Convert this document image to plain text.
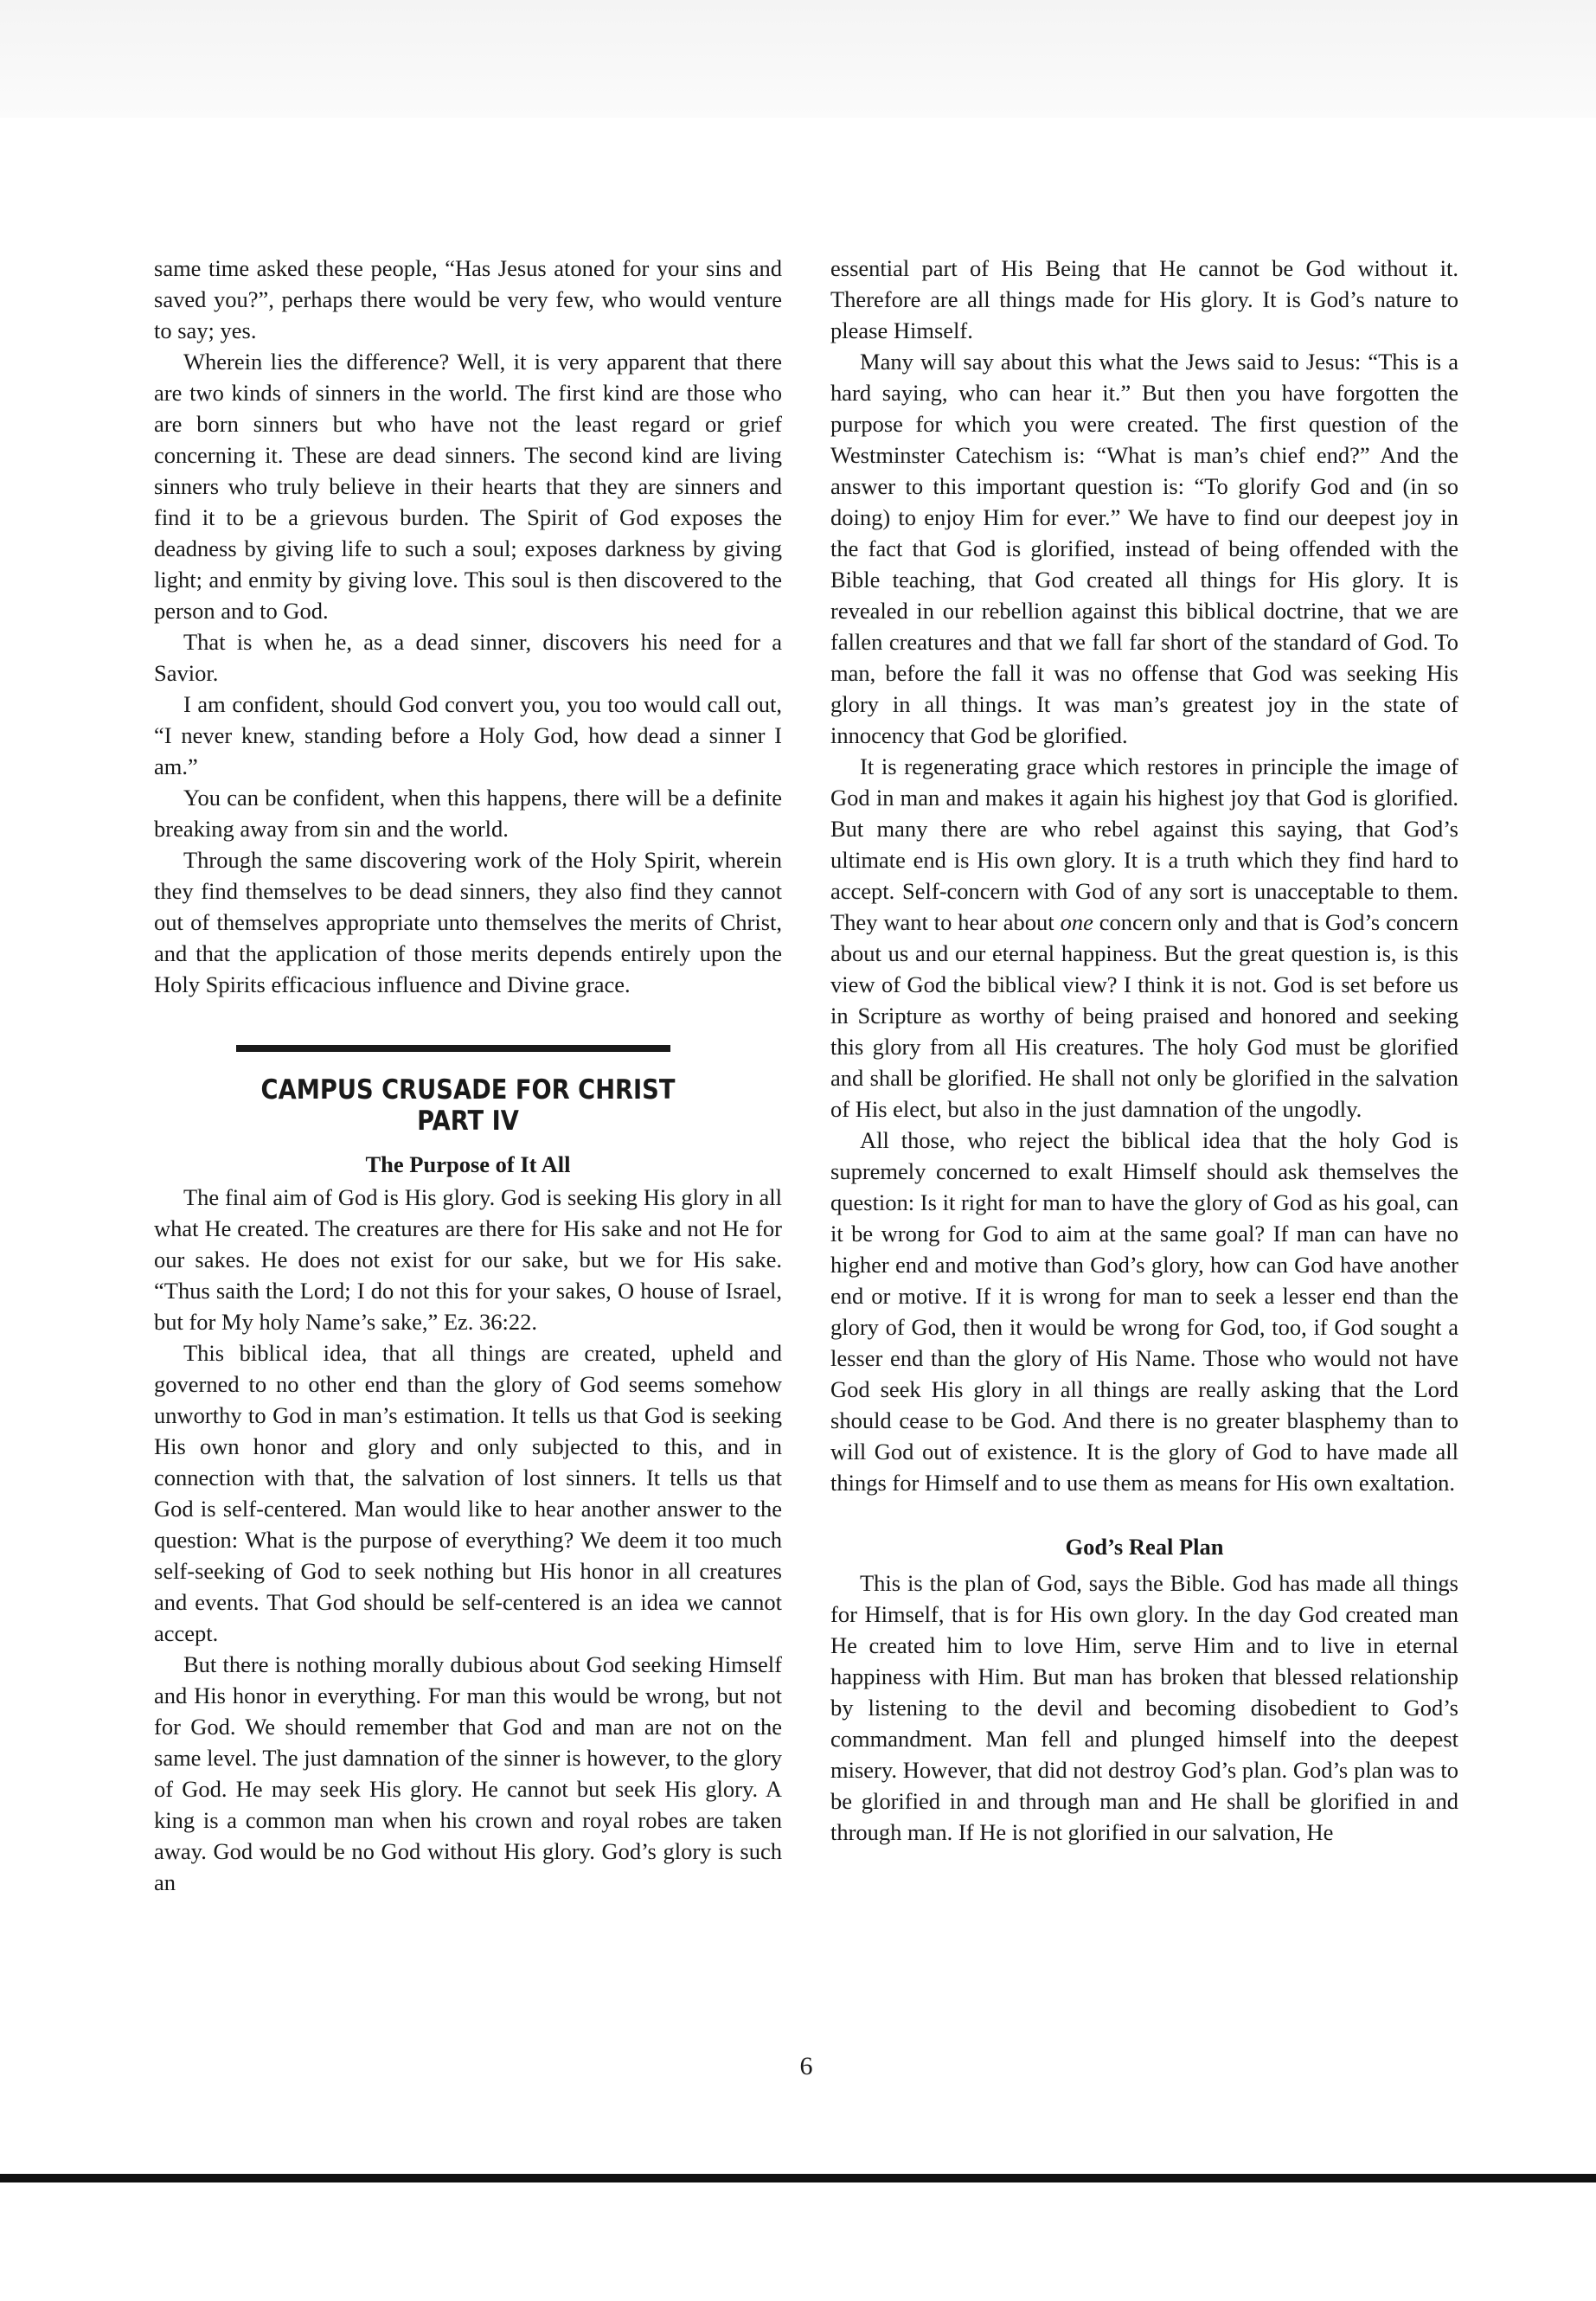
same time asked these people, “Has Jesus atoned for your sins and saved you?”, perhaps there would be very few, who would venture to say; yes.

Wherein lies the difference? Well, it is very apparent that there are two kinds of sinners in the world. The first kind are those who are born sinners but who have not the least regard or grief concerning it. These are dead sinners. The second kind are living sinners who truly believe in their hearts that they are sinners and find it to be a grievous burden. The Spirit of God exposes the deadness by giving life to such a soul; exposes darkness by giving light; and enmity by giving love. This soul is then discovered to the person and to God.

That is when he, as a dead sinner, discovers his need for a Savior.

I am confident, should God convert you, you too would call out, “I never knew, standing before a Holy God, how dead a sinner I am.”

You can be confident, when this happens, there will be a definite breaking away from sin and the world.

Through the same discovering work of the Holy Spirit, wherein they find themselves to be dead sinners, they also find they cannot out of themselves appropriate unto themselves the merits of Christ, and that the application of those merits depends entirely upon the Holy Spirits efficacious influence and Divine grace.

CAMPUS CRUSADE FOR CHRIST
PART IV
The Purpose of It All

The final aim of God is His glory. God is seeking His glory in all what He created. The creatures are there for His sake and not He for our sakes. He does not exist for our sake, but we for His sake. “Thus saith the Lord; I do not this for your sakes, O house of Israel, but for My holy Name’s sake,” Ez. 36:22.

This biblical idea, that all things are created, upheld and governed to no other end than the glory of God seems somehow unworthy to God in man’s estimation. It tells us that God is seeking His own honor and glory and only subjected to this, and in connection with that, the salvation of lost sinners. It tells us that God is self-centered. Man would like to hear another answer to the question: What is the purpose of everything? We deem it too much self-seeking of God to seek nothing but His honor in all creatures and events. That God should be self-centered is an idea we cannot accept.

But there is nothing morally dubious about God seeking Himself and His honor in everything. For man this would be wrong, but not for God. We should remember that God and man are not on the same level. The just damnation of the sinner is however, to the glory of God. He may seek His glory. He cannot but seek His glory. A king is a common man when his crown and royal robes are taken away. God would be no God without His glory. God’s glory is such an

essential part of His Being that He cannot be God without it. Therefore are all things made for His glory. It is God’s nature to please Himself.

Many will say about this what the Jews said to Jesus: “This is a hard saying, who can hear it.” But then you have forgotten the purpose for which you were created. The first question of the Westminster Catechism is: “What is man’s chief end?” And the answer to this important question is: “To glorify God and (in so doing) to enjoy Him for ever.” We have to find our deepest joy in the fact that God is glorified, instead of being offended with the Bible teaching, that God created all things for His glory. It is revealed in our rebellion against this biblical doctrine, that we are fallen creatures and that we fall far short of the standard of God. To man, before the fall it was no offense that God was seeking His glory in all things. It was man’s greatest joy in the state of innocency that God be glorified.

It is regenerating grace which restores in principle the image of God in man and makes it again his highest joy that God is glorified. But many there are who rebel against this saying, that God’s ultimate end is His own glory. It is a truth which they find hard to accept. Self-concern with God of any sort is unacceptable to them. They want to hear about one concern only and that is God’s concern about us and our eternal happiness. But the great question is, is this view of God the biblical view? I think it is not. God is set before us in Scripture as worthy of being praised and honored and seeking this glory from all His creatures. The holy God must be glorified and shall be glorified. He shall not only be glorified in the salvation of His elect, but also in the just damnation of the ungodly.

All those, who reject the biblical idea that the holy God is supremely concerned to exalt Himself should ask themselves the question: Is it right for man to have the glory of God as his goal, can it be wrong for God to aim at the same goal? If man can have no higher end and motive than God’s glory, how can God have another end or motive. If it is wrong for man to seek a lesser end than the glory of God, then it would be wrong for God, too, if God sought a lesser end than the glory of His Name. Those who would not have God seek His glory in all things are really asking that the Lord should cease to be God. And there is no greater blasphemy than to will God out of existence. It is the glory of God to have made all things for Himself and to use them as means for His own exaltation.

God’s Real Plan

This is the plan of God, says the Bible. God has made all things for Himself, that is for His own glory. In the day God created man He created him to love Him, serve Him and to live in eternal happiness with Him. But man has broken that blessed relationship by listening to the devil and becoming disobedient to God’s commandment. Man fell and plunged himself into the deepest misery. However, that did not destroy God’s plan. God’s plan was to be glorified in and through man and He shall be glorified in and through man. If He is not glorified in our salvation, He

6
